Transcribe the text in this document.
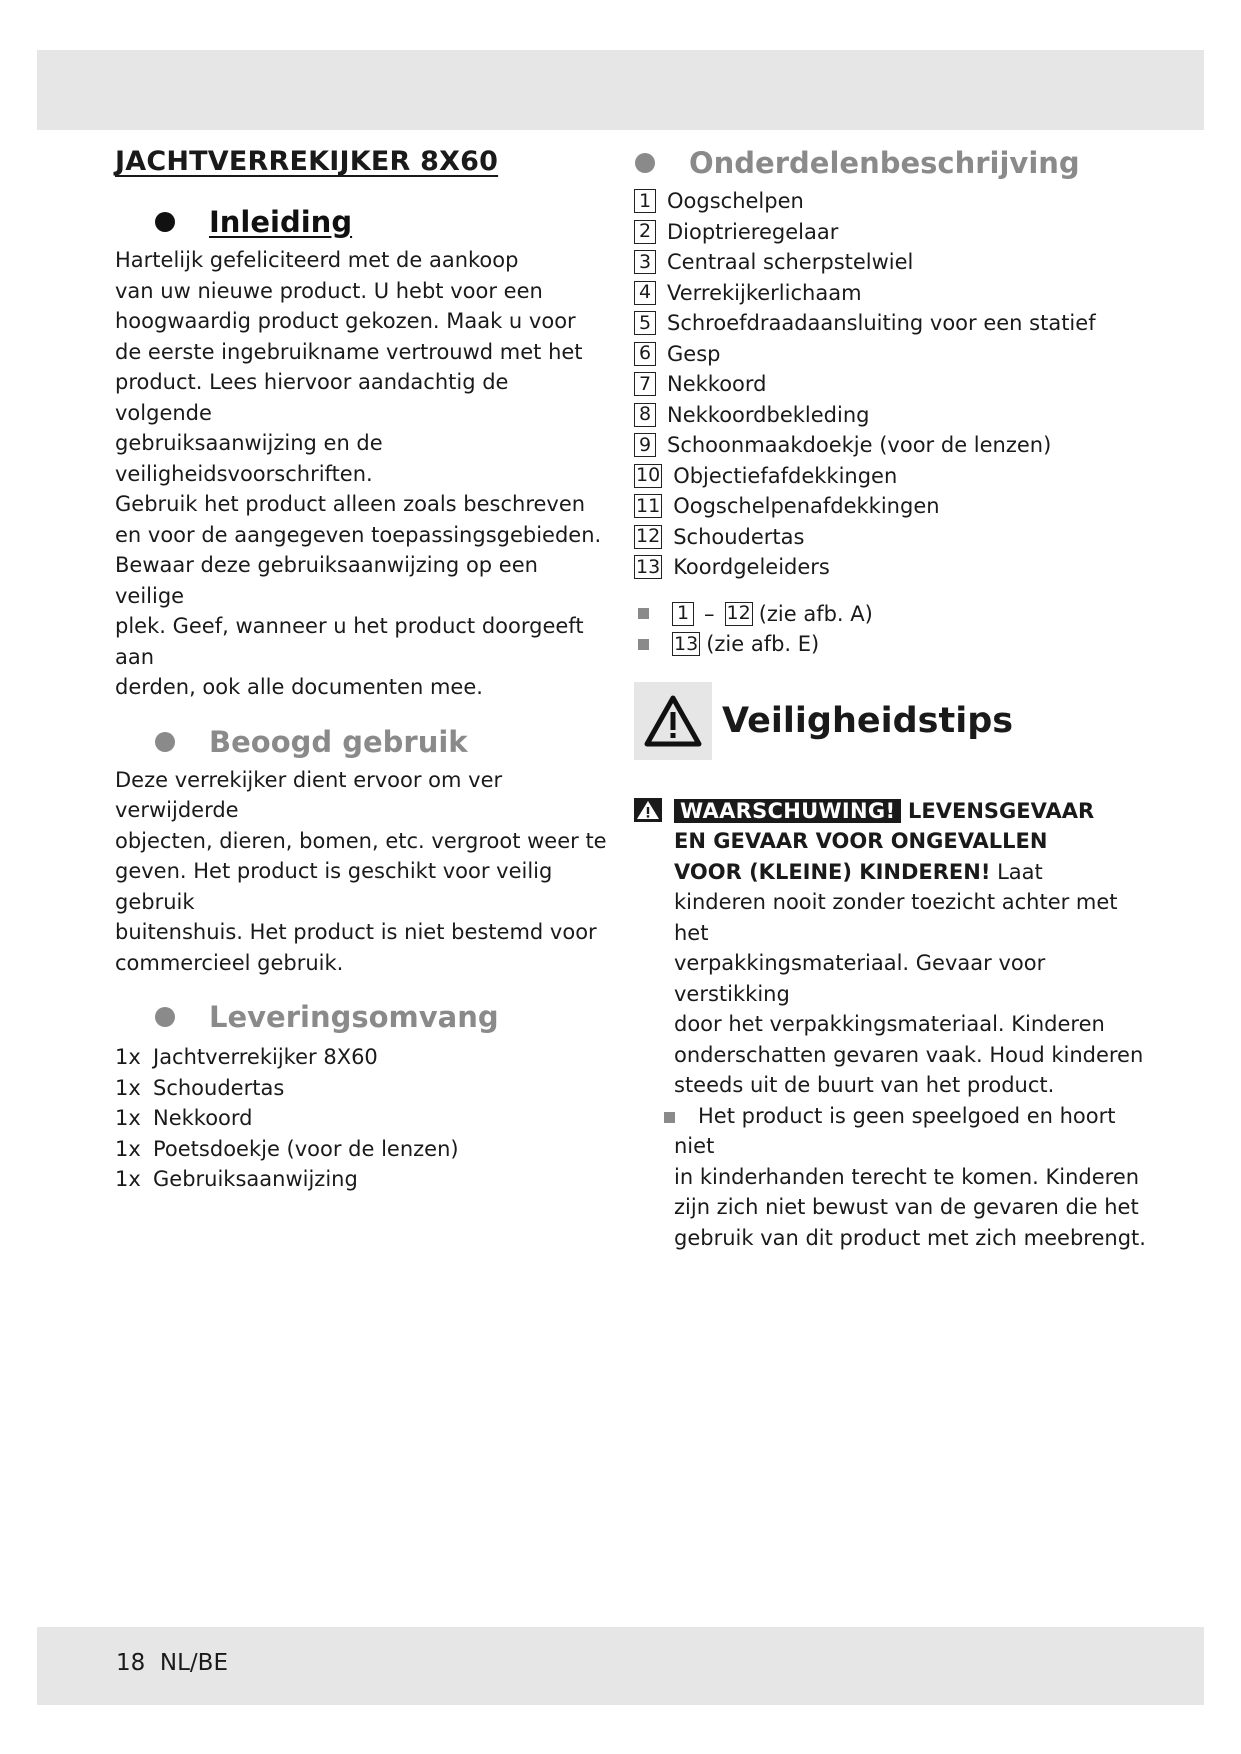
JACHTVERREKIJKER 8X60
Inleiding

Hartelijk gefeliciteerd met de aankoop
van uw nieuwe product. U hebt voor een
hoogwaardig product gekozen. Maak u voor
de eerste ingebruikname vertrouwd met het
product. Lees hiervoor aandachtig de volgende
gebruiksaanwijzing en de veiligheidsvoorschriften.
Gebruik het product alleen zoals beschreven
en voor de aangegeven toepassingsgebieden.
Bewaar deze gebruiksaanwijzing op een veilige
plek. Geef, wanneer u het product doorgeeft aan
derden, ook alle documenten mee.

Beoogd gebruik

Deze verrekijker dient ervoor om ver verwijderde
objecten, dieren, bomen, etc. vergroot weer te
geven. Het product is geschikt voor veilig gebruik
buitenshuis. Het product is niet bestemd voor
commercieel gebruik.

Leveringsomvang
1x Jachtverrekijker 8X60
1x Schoudertas
1x Nekkoord
1x Poetsdoekje (voor de lenzen)
1x Gebruiksaanwijzing
Onderdelenbeschrijving
1 Oogschelpen
2 Dioptrieregelaar
3 Centraal scherpstelwiel
4 Verrekijkerlichaam
5 Schroefdraadaansluiting voor een statief
6 Gesp
7 Nekkoord
8 Nekkoordbekleding
9 Schoonmaakdoekje (voor de lenzen)
10 Objectiefafdekkingen
11 Oogschelpenafdekkingen
12 Schoudertas
13 Koordgeleiders
1 – 12 (zie afb. A)
13 (zie afb. E)
Veiligheidstips

WAARSCHUWING! LEVENSGEVAAR
EN GEVAAR VOOR ONGEVALLEN
VOOR (KLEINE) KINDEREN! Laat
kinderen nooit zonder toezicht achter met het
verpakkingsmateriaal. Gevaar voor verstikking
door het verpakkingsmateriaal. Kinderen
onderschatten gevaren vaak. Houd kinderen
steeds uit de buurt van het product.

Het product is geen speelgoed en hoort niet
in kinderhanden terecht te komen. Kinderen
zijn zich niet bewust van de gevaren die het
gebruik van dit product met zich meebrengt.

18 NL/BE
